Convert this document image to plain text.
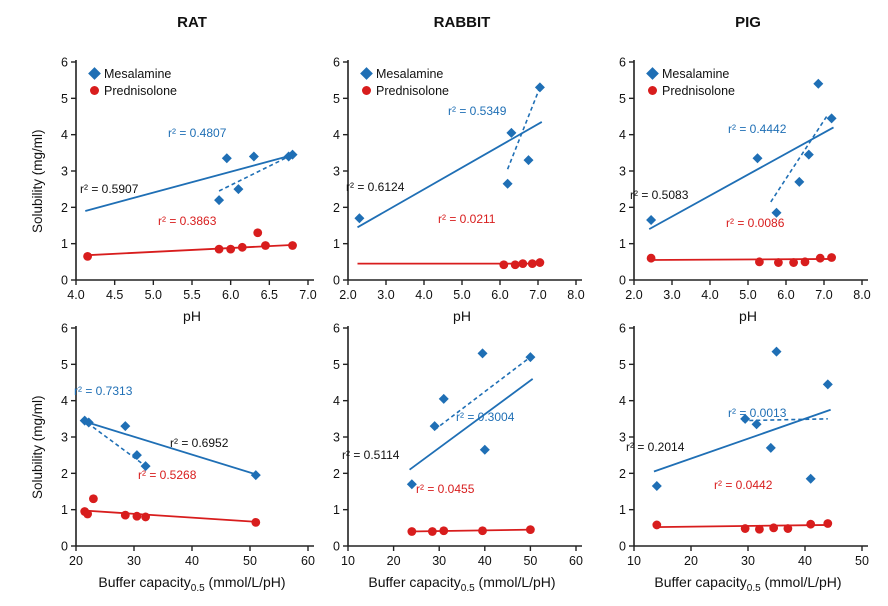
RAT
0
1
2
3
4
5
6
4.0 4.5 5.0 5.5 6.0 6.5 7.0
r² = 0.5907
r² = 0.4807
r² = 0.3863
Mesalamine
Prednisolone
Solubility (mg/ml)
pH
RABBIT
0
1
2
3
4
5
6
2.0 3.0 4.0 5.0 6.0 7.0 8.0
r² = 0.6124
r² = 0.5349
r² = 0.0211
Mesalamine
Prednisolone
pH
PIG
0
1
2
3
4
5
6
2.0 3.0 4.0 5.0 6.0 7.0 8.0
r² = 0.5083
r² = 0.4442
r² = 0.0086
Mesalamine
Prednisolone
pH
0
1
2
3
4
5
6
20	30	40	50	60
r² = 0.7313
r² = 0.6952
r² = 0.5268
Solubility (mg/ml)
Buffer capacity$_{0.5}$ (mmol/L/pH)
0
1
2
3
4
5
6
10	20	30	40	50	60
r² = 0.5114
r² = 0.3004
r² = 0.0455
Buffer capacity$_{0.5}$ (mmol/L/pH)
0
1
2
3
4
5
6
10	20	30	40	50
r² = 0.2014
r² = 0.0013
r² = 0.0442
Buffer capacity$_{0.5}$ (mmol/L/pH)
